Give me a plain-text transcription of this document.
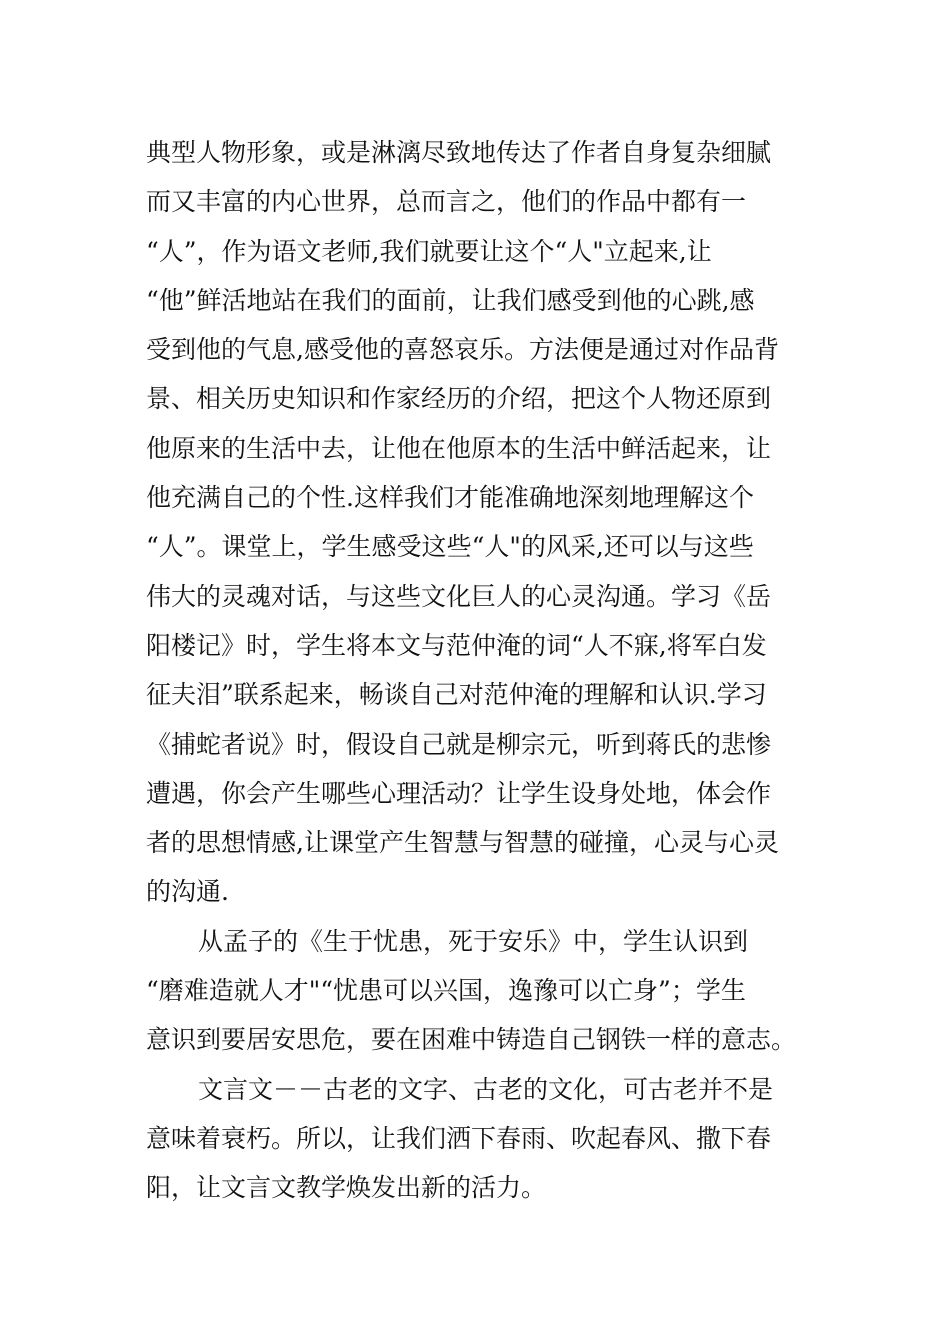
典型人物形象，或是淋漓尽致地传达了作者自身复杂细腻
而又丰富的内心世界，总而言之，他们的作品中都有一
“人”，作为语文老师,我们就要让这个“人"立起来,让
“他”鲜活地站在我们的面前，让我们感受到他的心跳,感
受到他的气息,感受他的喜怒哀乐。方法便是通过对作品背
景、相关历史知识和作家经历的介绍，把这个人物还原到
他原来的生活中去，让他在他原本的生活中鲜活起来，让
他充满自己的个性.这样我们才能准确地深刻地理解这个
“人”。课堂上，学生感受这些“人"的风采,还可以与这些
伟大的灵魂对话，与这些文化巨人的心灵沟通。学习《岳
阳楼记》时，学生将本文与范仲淹的词“人不寐,将军白发
征夫泪”联系起来，畅谈自己对范仲淹的理解和认识.学习
《捕蛇者说》时，假设自己就是柳宗元，听到蒋氏的悲惨
遭遇，你会产生哪些心理活动？让学生设身处地，体会作
者的思想情感,让课堂产生智慧与智慧的碰撞，心灵与心灵
的沟通.
从孟子的《生于忧患，死于安乐》中，学生认识到
“磨难造就人才"“忧患可以兴国，逸豫可以亡身”；学生
意识到要居安思危，要在困难中铸造自己钢铁一样的意志。
文言文－－古老的文字、古老的文化，可古老并不是
意味着衰朽。所以，让我们洒下春雨、吹起春风、撒下春
阳，让文言文教学焕发出新的活力。
